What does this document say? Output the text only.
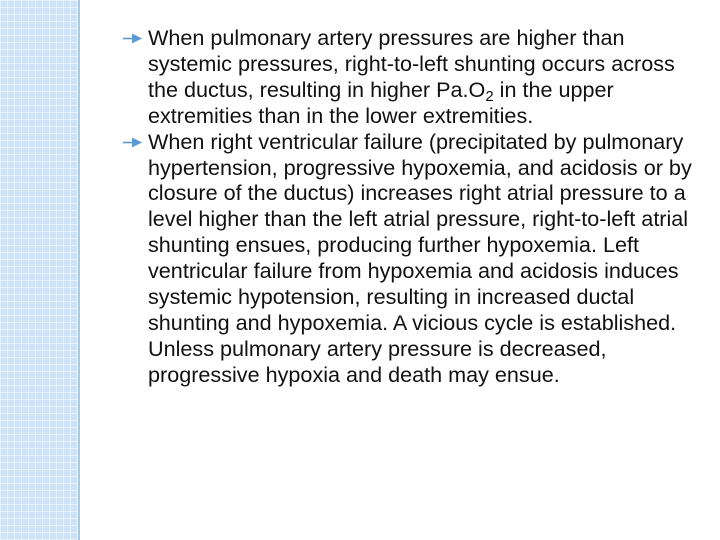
When pulmonary artery pressures are higher than systemic pressures, right-to-left shunting occurs across the ductus, resulting in higher $Pa.O_2$ in the upper extremities than in the lower extremities.

When right ventricular failure (precipitated by pulmonary hypertension, progressive hypoxemia, and acidosis or by closure of the ductus) increases right atrial pressure to a level higher than the left atrial pressure, right-to-left atrial shunting ensues, producing further hypoxemia. Left ventricular failure from hypoxemia and acidosis induces systemic hypotension, resulting in increased ductal shunting and hypoxemia. A vicious cycle is established. Unless pulmonary artery pressure is decreased, progressive hypoxia and death may ensue.
